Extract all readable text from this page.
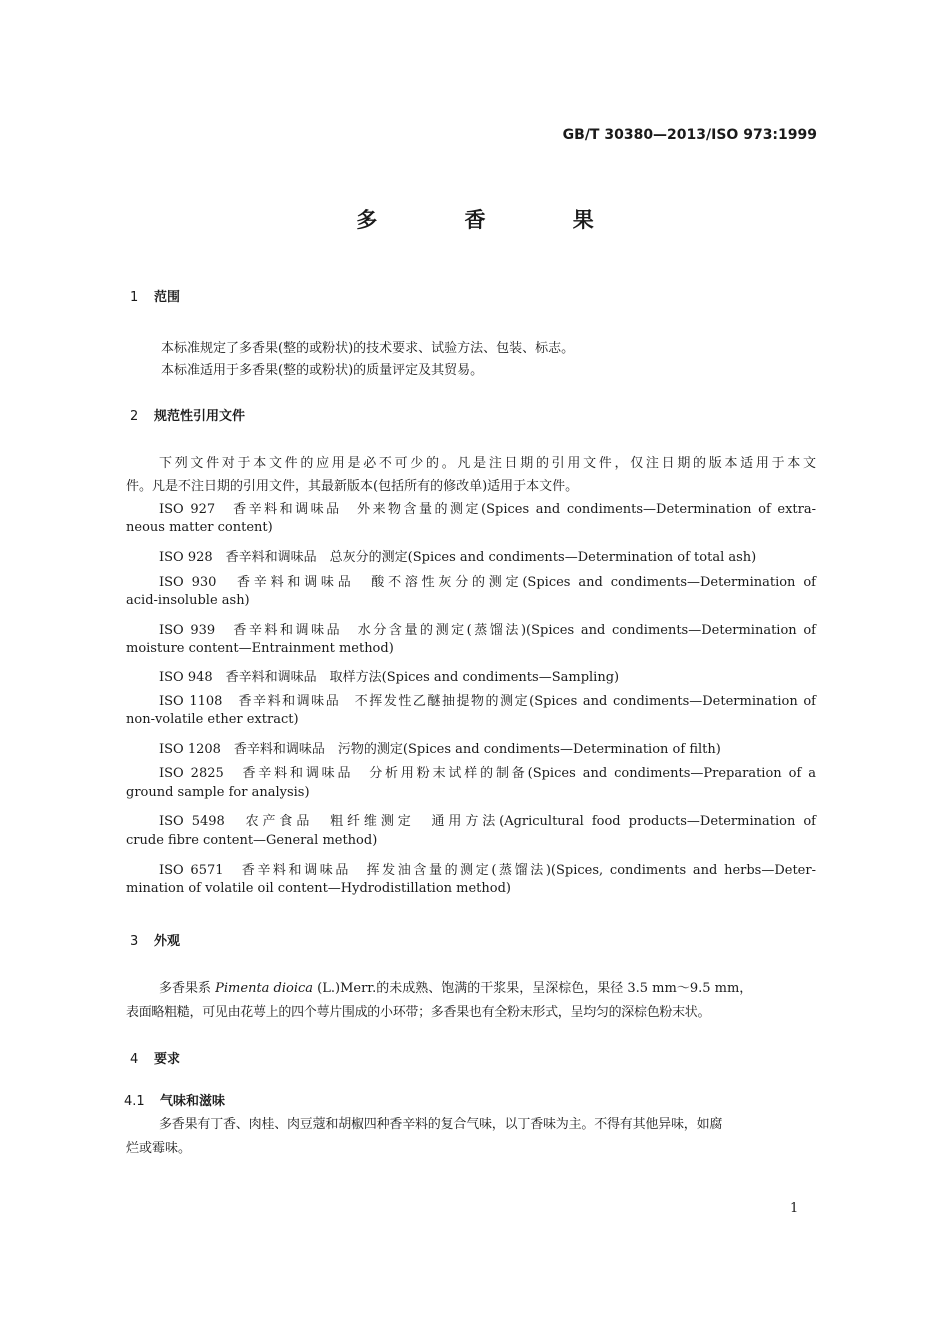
GB/T 30380—2013/ISO 973:1999
多 香 果
1 范围
本标准规定了多香果(整的或粉状)的技术要求、试验方法、包装、标志。
本标准适用于多香果(整的或粉状)的质量评定及其贸易。
2 规范性引用文件
下列文件对于本文件的应用是必不可少的。凡是注日期的引用文件，仅注日期的版本适用于本文
件。凡是不注日期的引用文件，其最新版本(包括所有的修改单)适用于本文件。
ISO 927　香辛料和调味品　外来物含量的测定(Spices and condiments—Determination of extra-
neous matter content)
ISO 928　香辛料和调味品　总灰分的测定(Spices and condiments—Determination of total ash)
ISO 930　香辛料和调味品　酸不溶性灰分的测定(Spices and condiments—Determination of
acid-insoluble ash)
ISO 939　香辛料和调味品　水分含量的测定(蒸馏法)(Spices and condiments—Determination of
moisture content—Entrainment method)
ISO 948　香辛料和调味品　取样方法(Spices and condiments—Sampling)
ISO 1108　香辛料和调味品　不挥发性乙醚抽提物的测定(Spices and condiments—Determination of
non-volatile ether extract)
ISO 1208　香辛料和调味品　污物的测定(Spices and condiments—Determination of filth)
ISO 2825　香辛料和调味品　分析用粉末试样的制备(Spices and condiments—Preparation of a
ground sample for analysis)
ISO 5498　农产食品　粗纤维测定　通用方法(Agricultural food products—Determination of
crude fibre content—General method)
ISO 6571　香辛料和调味品　挥发油含量的测定(蒸馏法)(Spices, condiments and herbs—Deter-
mination of volatile oil content—Hydrodistillation method)
3 外观
多香果系 Pimenta dioica (L.)Merr.的未成熟、饱满的干浆果，呈深棕色，果径 3.5 mm～9.5 mm，
表面略粗糙，可见由花萼上的四个萼片围成的小环带；多香果也有全粉末形式，呈均匀的深棕色粉末状。
4 要求
4.1 气味和滋味
多香果有丁香、肉桂、肉豆蔻和胡椒四种香辛料的复合气味，以丁香味为主。不得有其他异味，如腐
烂或霉味。
1
